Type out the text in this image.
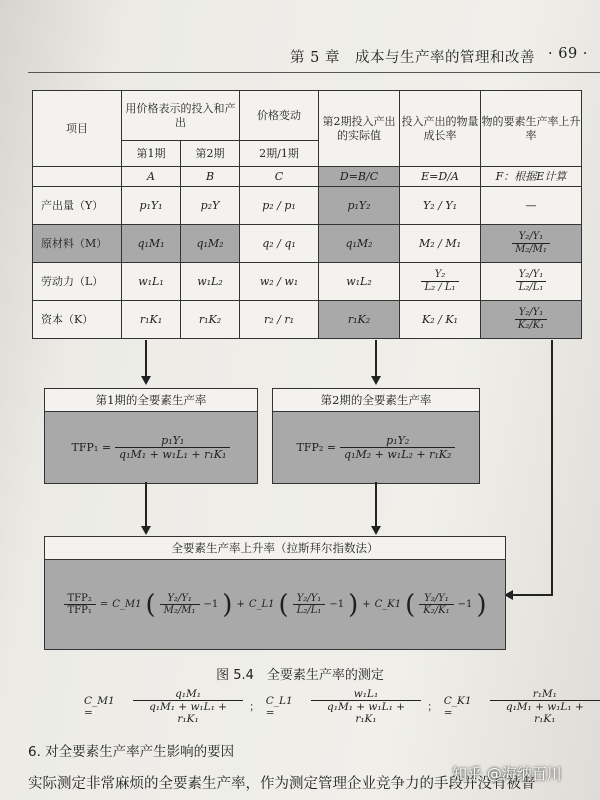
第 5 章　成本与生产率的管理和改善 · 69 ·
项目	用价格表示的投入和产出		价格变动	第2期投入产出的实际值	投入产出的物量成长率	物的要素生产率上升率
	第1期	第2期	2期/1期			
	A	B	C	D=B/C	E=D/A	F：根据E计算
产出量（Y）	p₁Y₁	p₂Y	p₂ / p₁	p₁Y₂	Y₂ / Y₁	—
原材料（M）	q₁M₁	q₁M₂	q₂ / q₁	q₁M₂	M₂ / M₁	$\frac{\text{Y₂/Y₁}}{\text{M₂/M₁}}$

劳动力（L）	w₁L₁	w₁L₂	w₂ / w₁	w₁L₂	$\frac{\text{Y₂}}{\text{L₂ / L₁}}$	$\frac{\text{Y₂/Y₁}}{\text{L₂/L₁}}$

资本（K）	r₁K₁	r₁K₂	r₂ / r₁	r₁K₂	K₂ / K₁	$\frac{\text{Y₂/Y₁}}{\text{K₂/K₁}}$
第1期的全要素生产率
$TFP_1 = \frac{\text{p₁Y₁}}{\text{q₁M₁ + w₁L₁ + r₁K₁}}$
第2期的全要素生产率
$TFP_2 = \frac{\text{p₁Y₂}}{\text{q₁M₂ + w₁L₂ + r₁K₂}}$
全要素生产率上升率（拉斯拜尔指数法）
TFP₂
TFP₁
= C_M1 (	Y₂/Y₁
M₂/M₁
−1 ) + C_L1 ( Y₂/Y₁
L₂/L₁
−1 ) + C_K1 ( Y₂/Y₁
K₂/K₁
−1 )
图 5.4　全要素生产率的测定
C_M1 =	$\frac{\text{q₁M₁}}{\text{q₁M₁ + w₁L₁ + r₁K₁}}$ ；
C_L1 =	$\frac{\text{w₁L₁}}{\text{q₁M₁ + w₁L₁ + r₁K₁}}$ ；
C_K1 =	$\frac{\text{r₁M₁}}{\text{q₁M₁ + w₁L₁ + r₁K₁}}$
6. 对全要素生产率产生影响的要因
实际测定非常麻烦的全要素生产率，作为测定管理企业竞争力的手段并没有被普
知乎 @海纳百川
